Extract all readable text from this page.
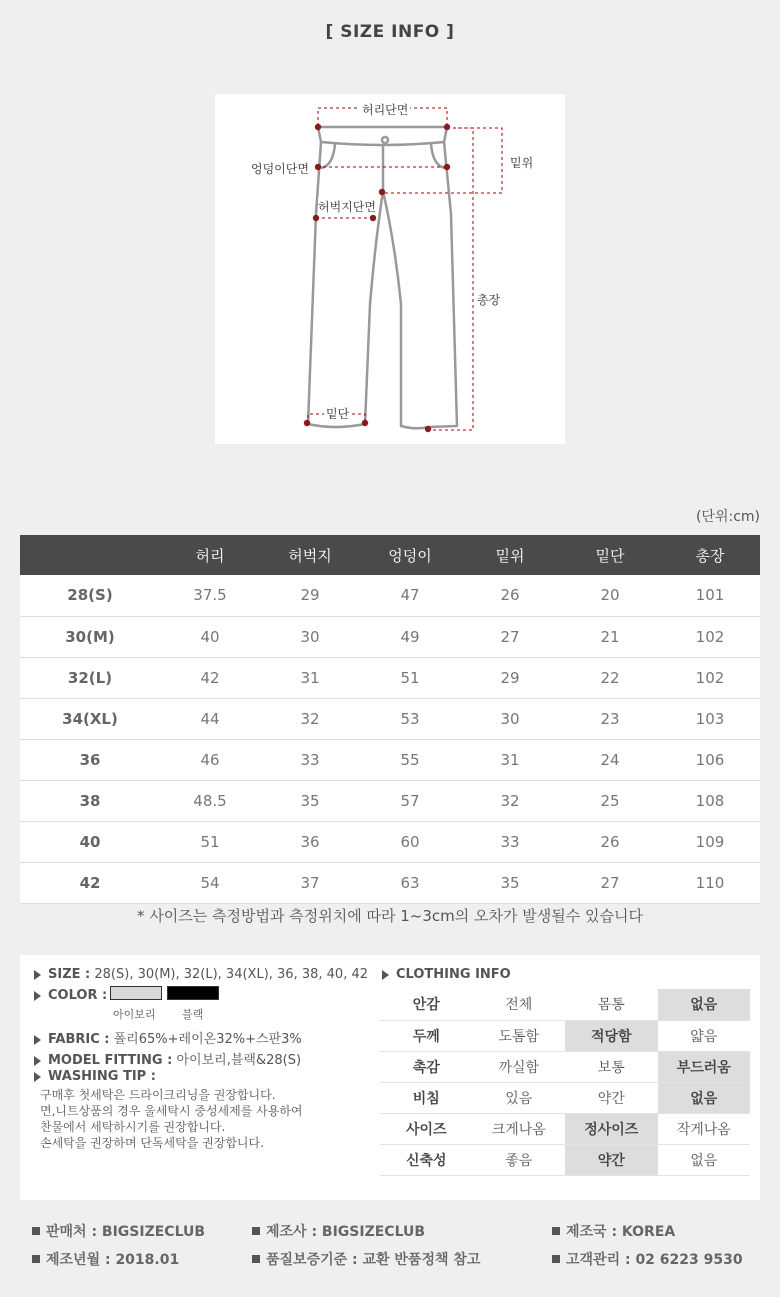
[ SIZE INFO ]
허리단면
엉덩이단면	밑위
허벅지단면
총장
밑단
(단위:cm)
	허리	허벅지	엉덩이	밑위	밑단	총장
28(S)	37.5	29	47	26	20	101
30(M)	40	30	49	27	21	102
32(L)	42	31	51	29	22	102
34(XL)	44	32	53	30	23	103
36	46	33	55	31	24	106
38	48.5	35	57	32	25	108
40	51	36	60	33	26	109
42	54	37	63	35	27	110
* 사이즈는 측정방법과 측정위치에 따라 1~3cm의 오차가 발생될수 있습니다
SIZE : 28(S), 30(M), 32(L), 34(XL), 36, 38, 40, 42
COLOR :
아이보리 블랙
FABRIC : 폴리65%+레이온32%+스판3%
MODEL FITTING : 아이보리,블랙&28(S)
WASHING TIP :
구매후 첫세탁은 드라이크리닝을 권장합니다.
면,니트상품의 경우 울세탁시 중성세제를 사용하여
찬물에서 세탁하시기를 권장합니다.
손세탁을 권장하며 단독세탁을 권장합니다.
CLOTHING INFO
안감	전체	몸통	없음
두께	도톰함	적당함	얇음
촉감	까실함	보통	부드러움
비침	있음	약간	없음
사이즈	크게나옴	정사이즈	작게나옴
신축성	좋음	약간	없음
판매처 : BIGSIZECLUB	제조사 : BIGSIZECLUB	제조국 : KOREA
제조년월 : 2018.01	품질보증기준 : 교환 반품정책 참고	고객관리 : 02 6223 9530
